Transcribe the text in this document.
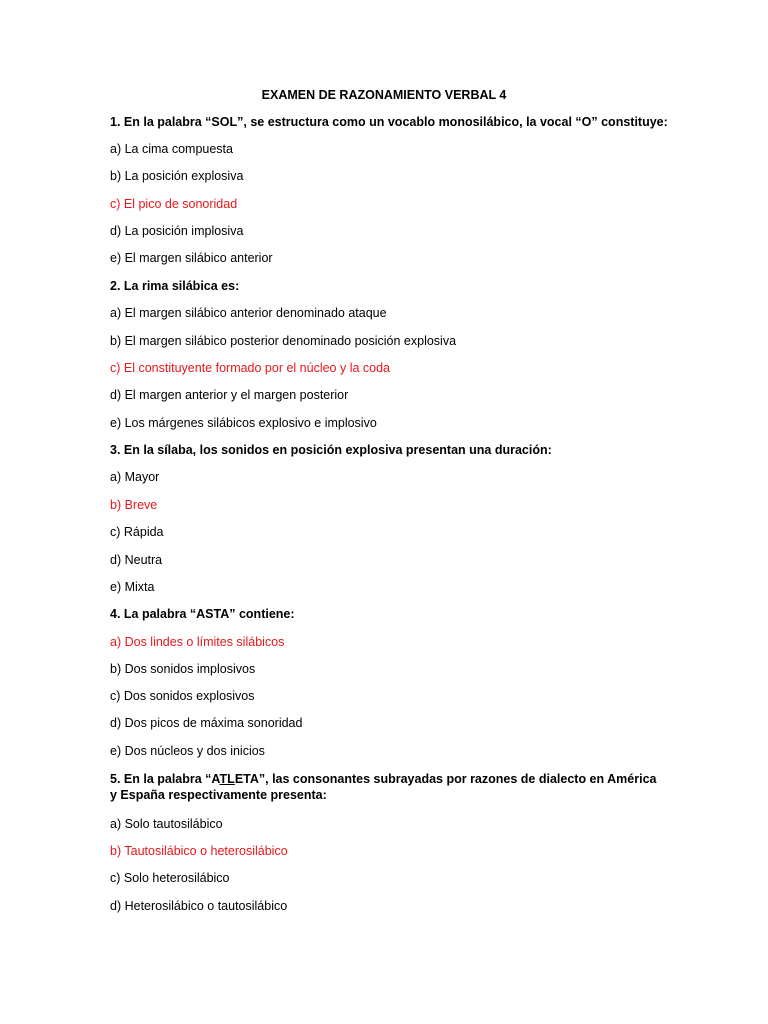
EXAMEN DE RAZONAMIENTO VERBAL 4
1. En la palabra “SOL”, se estructura como un vocablo monosilábico, la vocal “O” constituye:
a) La cima compuesta
b) La posición explosiva
c) El pico de sonoridad
d) La posición implosiva
e) El margen silábico anterior
2. La rima silábica es:
a) El margen silábico anterior denominado ataque
b) El margen silábico posterior denominado posición explosiva
c) El constituyente formado por el núcleo y la coda
d) El margen anterior y el margen posterior
e) Los márgenes silábicos explosivo e implosivo
3. En la sílaba, los sonidos en posición explosiva presentan una duración:
a) Mayor
b) Breve
c) Rápida
d) Neutra
e) Mixta
4. La palabra “ASTA” contiene:
a) Dos lindes o límites silábicos
b) Dos sonidos implosivos
c) Dos sonidos explosivos
d) Dos picos de máxima sonoridad
e) Dos núcleos y dos inicios
5. En la palabra “ATLETA”, las consonantes subrayadas por razones de dialecto en América y España respectivamente presenta:
a) Solo tautosilábico
b) Tautosilábico o heterosilábico
c) Solo heterosilábico
d) Heterosilábico o tautosilábico
